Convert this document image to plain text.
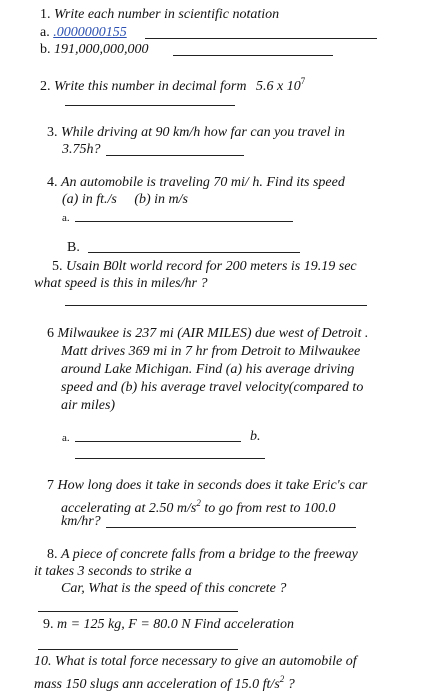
1. Write each number in scientific notation
a. .0000000155
b. 191,000,000,000
2. Write this number in decimal form 5.6 x $10^7$
3. While driving at 90 km/h how far can you travel in
3.75h?
4. An automobile is traveling 70 mi/ h. Find its speed
(a) in ft./s     (b) in m/s
a.
B.
5. Usain B0lt world record for 200 meters is 19.19 sec
what speed is this in miles/hr ?
6 Milwaukee is 237 mi (AIR MILES) due west of Detroit .
Matt drives 369 mi in 7 hr from Detroit to Milwaukee
around Lake Michigan. Find (a) his average driving
speed and (b) his average travel velocity(compared to
air miles)
a.	b.
7 How long does it take in seconds does it take Eric's car
accelerating at 2.50 $m/s^2$ to go from rest to 100.0
km/hr?
8. A piece of concrete falls from a bridge to the freeway
it takes 3 seconds to strike a
Car, What is the speed of this concrete ?
9. m = 125 kg, F = 80.0 N Find acceleration
10. What is total force necessary to give an automobile of
mass 150 slugs ann acceleration of 15.0 $ft/s^2$ ?
